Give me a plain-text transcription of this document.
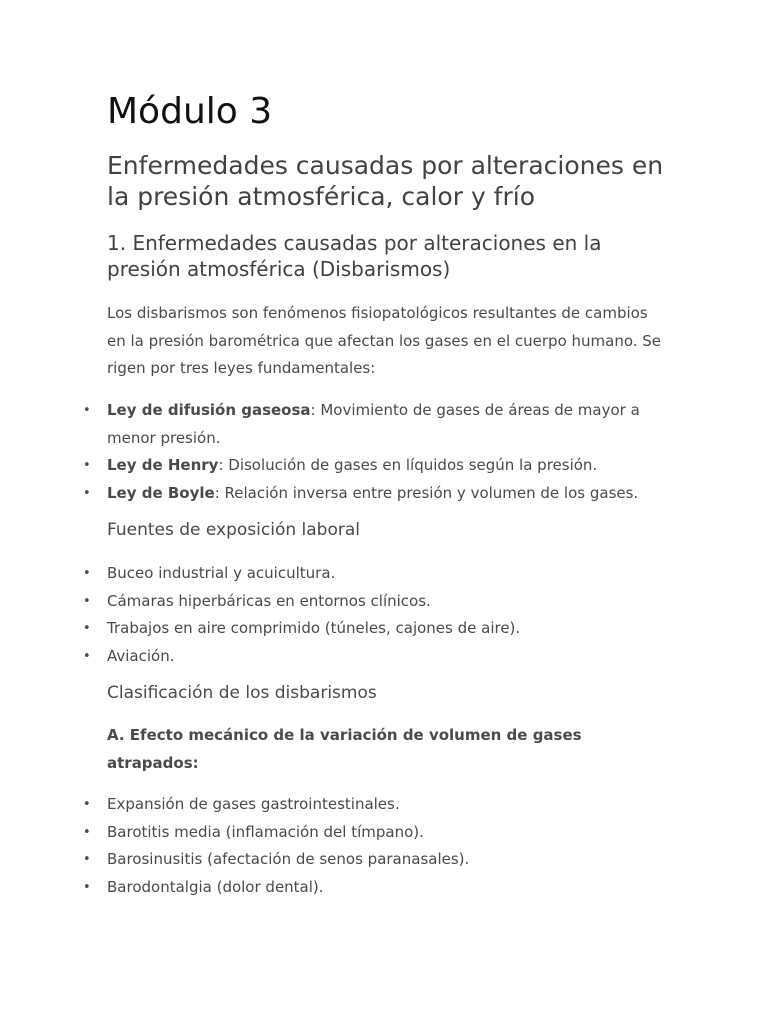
Módulo 3
Enfermedades causadas por alteraciones en la presión atmosférica, calor y frío
1. Enfermedades causadas por alteraciones en la presión atmosférica (Disbarismos)

Los disbarismos son fenómenos fisiopatológicos resultantes de cambios en la presión barométrica que afectan los gases en el cuerpo humano. Se rigen por tres leyes fundamentales:

• Ley de difusión gaseosa: Movimiento de gases de áreas de mayor a menor presión.
• Ley de Henry: Disolución de gases en líquidos según la presión.
• Ley de Boyle: Relación inversa entre presión y volumen de los gases.
Fuentes de exposición laboral
• Buceo industrial y acuicultura.
• Cámaras hiperbáricas en entornos clínicos.
• Trabajos en aire comprimido (túneles, cajones de aire).
• Aviación.
Clasificación de los disbarismos

A. Efecto mecánico de la variación de volumen de gases atrapados:

• Expansión de gases gastrointestinales.
• Barotitis media (inflamación del tímpano).
• Barosinusitis (afectación de senos paranasales).
• Barodontalgia (dolor dental).
